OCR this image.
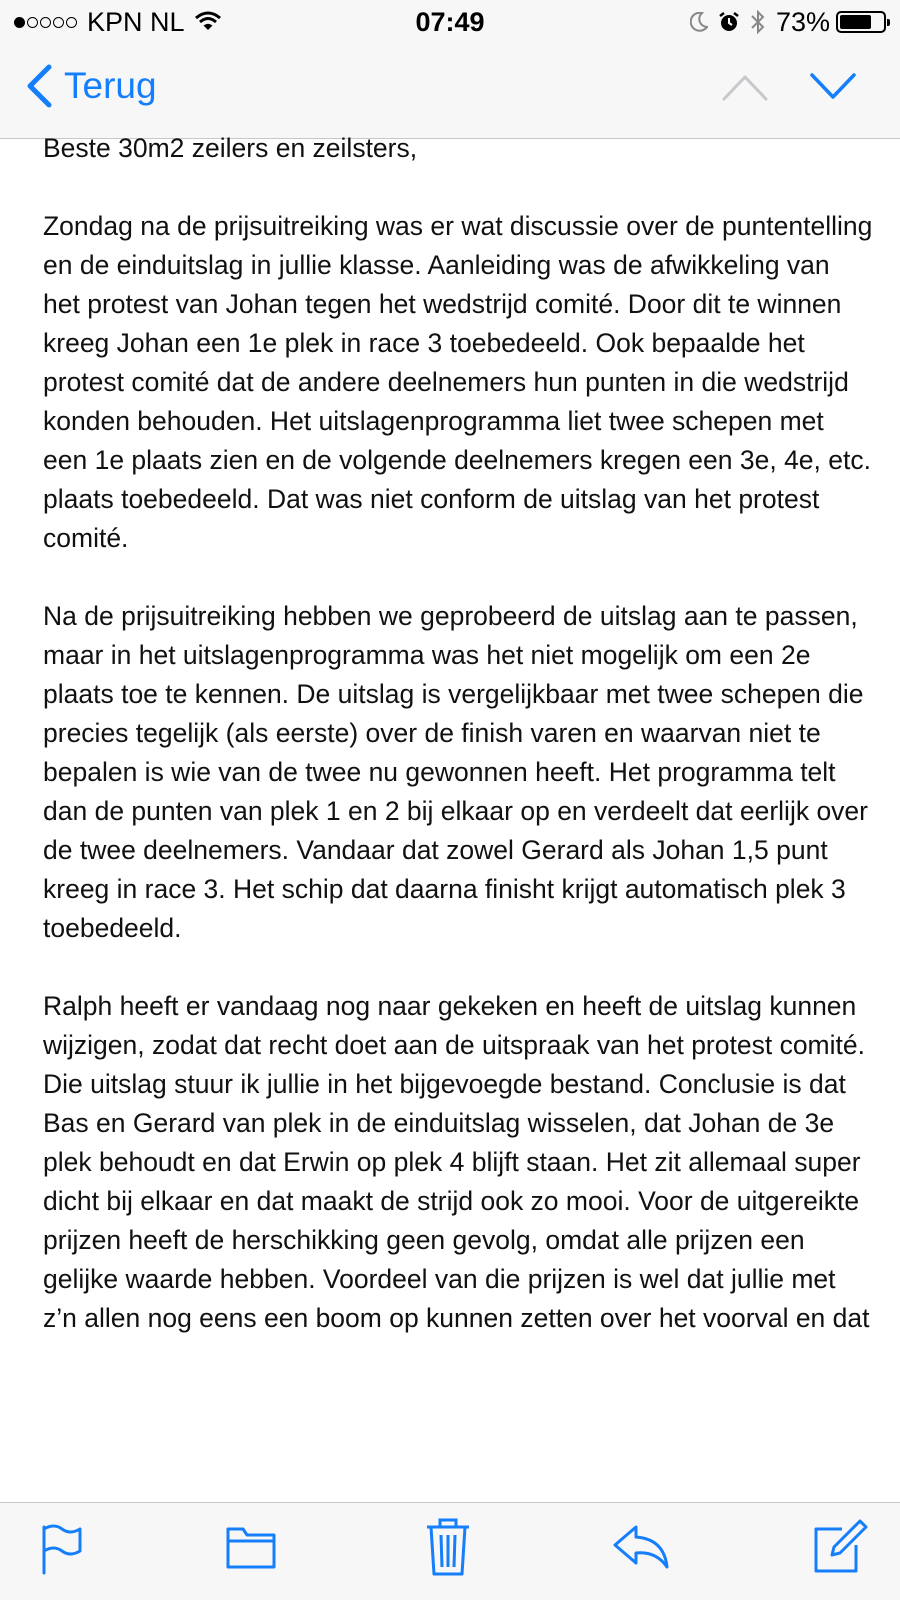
KPN NL	07:49	73%
Terug

Beste 30m2 zeilers en zeilsters,

Zondag na de prijsuitreiking was er wat discussie over de puntentelling en de einduitslag in jullie klasse. Aanleiding was de afwikkeling van het protest van Johan tegen het wedstrijd comité. Door dit te winnen kreeg Johan een 1e plek in race 3 toebedeeld. Ook bepaalde het protest comité dat de andere deelnemers hun punten in die wedstrijd konden behouden. Het uitslagenprogramma liet twee schepen met een 1e plaats zien en de volgende deelnemers kregen een 3e, 4e, etc. plaats toebedeeld. Dat was niet conform de uitslag van het protest comité.

Na de prijsuitreiking hebben we geprobeerd de uitslag aan te passen, maar in het uitslagenprogramma was het niet mogelijk om een 2e plaats toe te kennen. De uitslag is vergelijkbaar met twee schepen die precies tegelijk (als eerste) over de finish varen en waarvan niet te bepalen is wie van de twee nu gewonnen heeft. Het programma telt dan de punten van plek 1 en 2 bij elkaar op en verdeelt dat eerlijk over de twee deelnemers. Vandaar dat zowel Gerard als Johan 1,5 punt kreeg in race 3. Het schip dat daarna finisht krijgt automatisch plek 3 toebedeeld.

Ralph heeft er vandaag nog naar gekeken en heeft de uitslag kunnen wijzigen, zodat dat recht doet aan de uitspraak van het protest comité. Die uitslag stuur ik jullie in het bijgevoegde bestand. Conclusie is dat Bas en Gerard van plek in de einduitslag wisselen, dat Johan de 3e plek behoudt en dat Erwin op plek 4 blijft staan. Het zit allemaal super dicht bij elkaar en dat maakt de strijd ook zo mooi. Voor de uitgereikte prijzen heeft de herschikking geen gevolg, omdat alle prijzen een gelijke waarde hebben. Voordeel van die prijzen is wel dat jullie met z’n allen nog eens een boom op kunnen zetten over het voorval en dat
